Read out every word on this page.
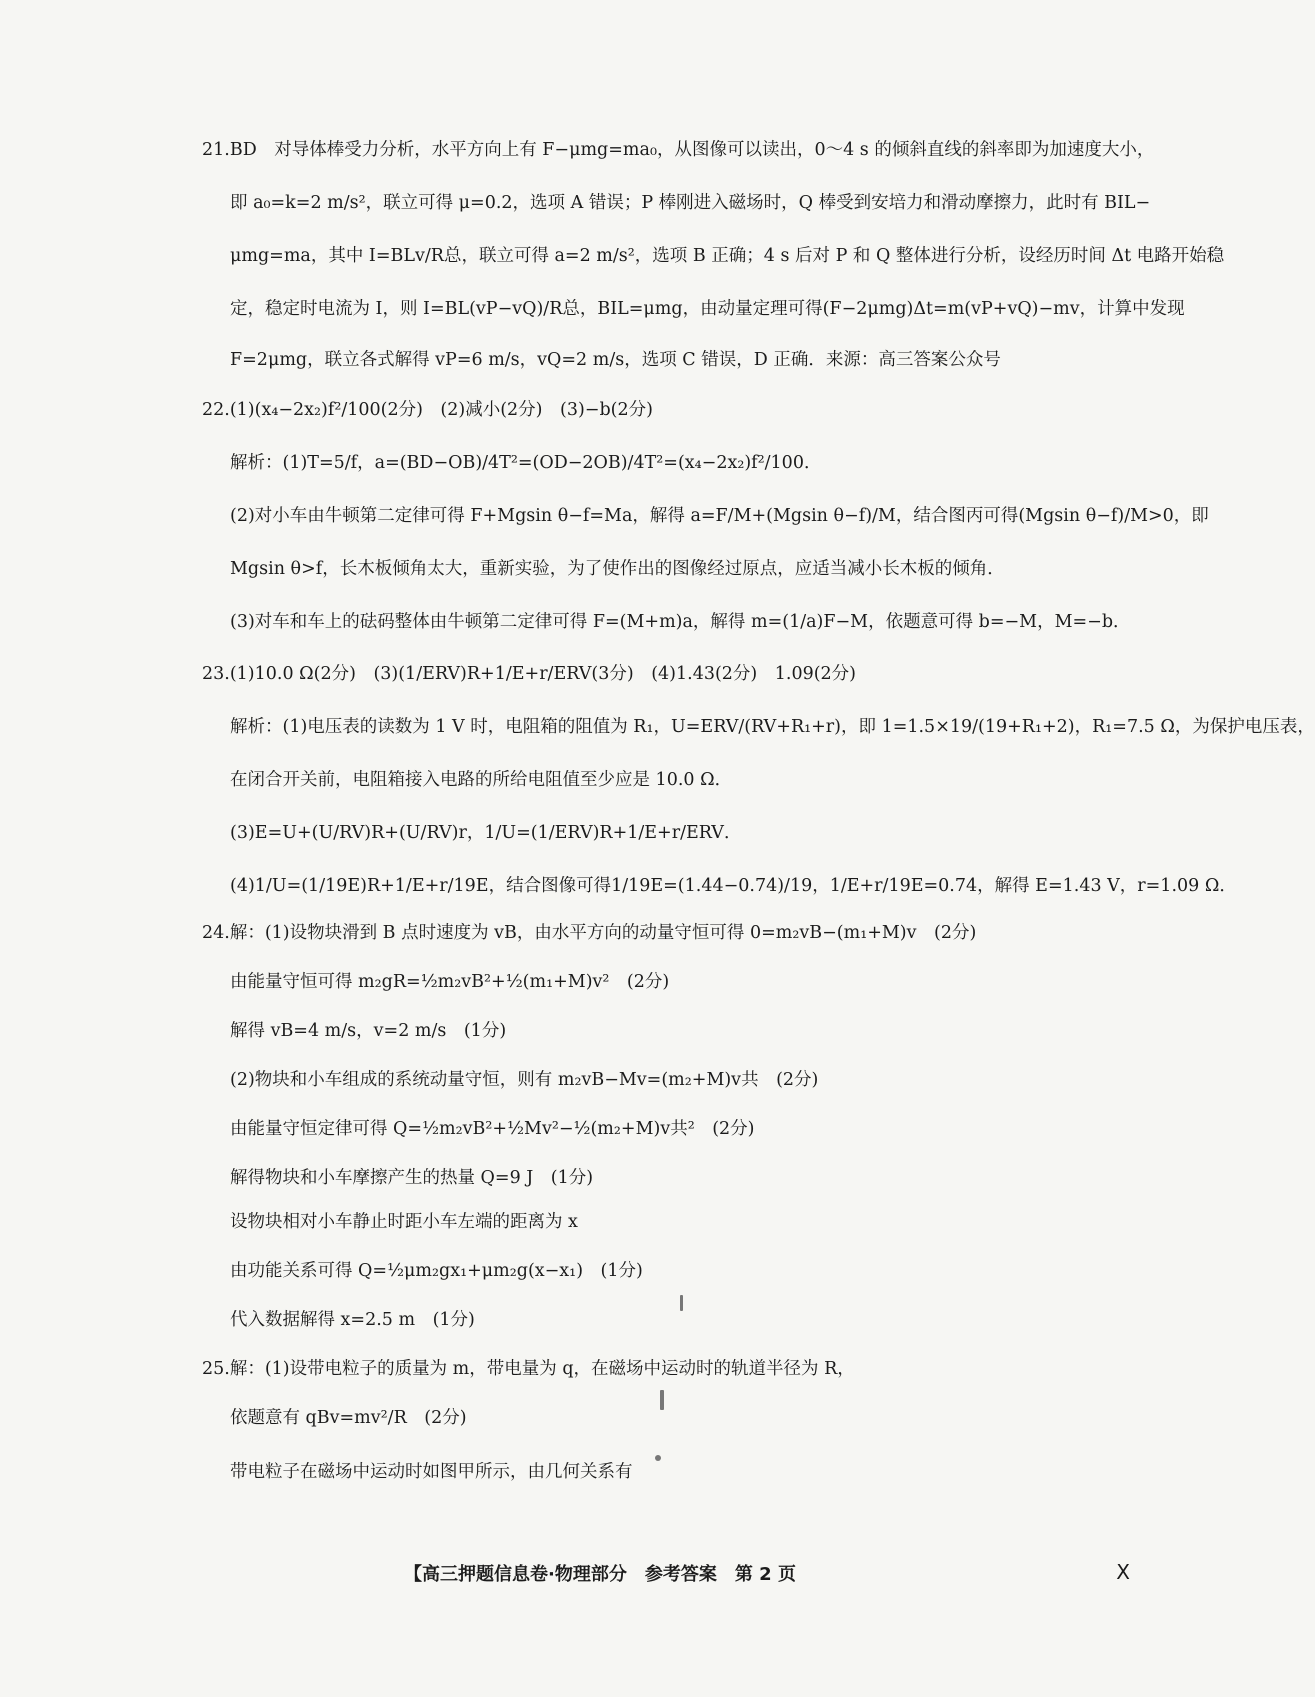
21.BD　对导体棒受力分析，水平方向上有 F−μmg=ma₀，从图像可以读出，0～4 s 的倾斜直线的斜率即为加速度大小，
即 a₀=k=2 m/s²，联立可得 μ=0.2，选项 A 错误；P 棒刚进入磁场时，Q 棒受到安培力和滑动摩擦力，此时有 BIL−
μmg=ma，其中 I=BLv/R总，联立可得 a=2 m/s²，选项 B 正确；4 s 后对 P 和 Q 整体进行分析，设经历时间 Δt 电路开始稳
定，稳定时电流为 I，则 I=BL(vP−vQ)/R总，BIL=μmg，由动量定理可得(F−2μmg)Δt=m(vP+vQ)−mv，计算中发现
F=2μmg，联立各式解得 vP=6 m/s，vQ=2 m/s，选项 C 错误，D 正确．来源：高三答案公众号
22.(1)(x₄−2x₂)f²/100(2分)　(2)减小(2分)　(3)−b(2分)
解析：(1)T=5/f，a=(BD−OB)/4T²=(OD−2OB)/4T²=(x₄−2x₂)f²/100．
(2)对小车由牛顿第二定律可得 F+Mgsin θ−f=Ma，解得 a=F/M+(Mgsin θ−f)/M，结合图丙可得(Mgsin θ−f)/M>0，即
Mgsin θ>f，长木板倾角太大，重新实验，为了使作出的图像经过原点，应适当减小长木板的倾角．
(3)对车和车上的砝码整体由牛顿第二定律可得 F=(M+m)a，解得 m=(1/a)F−M，依题意可得 b=−M，M=−b．
23.(1)10.0 Ω(2分)　(3)(1/ERV)R+1/E+r/ERV(3分)　(4)1.43(2分)　1.09(2分)
解析：(1)电压表的读数为 1 V 时，电阻箱的阻值为 R₁，U=ERV/(RV+R₁+r)，即 1=1.5×19/(19+R₁+2)，R₁=7.5 Ω，为保护电压表，
在闭合开关前，电阻箱接入电路的所给电阻值至少应是 10.0 Ω．
(3)E=U+(U/RV)R+(U/RV)r，1/U=(1/ERV)R+1/E+r/ERV．
(4)1/U=(1/19E)R+1/E+r/19E，结合图像可得1/19E=(1.44−0.74)/19，1/E+r/19E=0.74，解得 E=1.43 V，r=1.09 Ω．
24.解：(1)设物块滑到 B 点时速度为 vB，由水平方向的动量守恒可得 0=m₂vB−(m₁+M)v　(2分)
由能量守恒可得 m₂gR=½m₂vB²+½(m₁+M)v²　(2分)
解得 vB=4 m/s，v=2 m/s　(1分)
(2)物块和小车组成的系统动量守恒，则有 m₂vB−Mv=(m₂+M)v共　(2分)
由能量守恒定律可得 Q=½m₂vB²+½Mv²−½(m₂+M)v共²　(2分)
解得物块和小车摩擦产生的热量 Q=9 J　(1分)
设物块相对小车静止时距小车左端的距离为 x
由功能关系可得 Q=½μm₂gx₁+μm₂g(x−x₁)　(1分)
代入数据解得 x=2.5 m　(1分)
25.解：(1)设带电粒子的质量为 m，带电量为 q，在磁场中运动时的轨道半径为 R，
依题意有 qBv=mv²/R　(2分)
带电粒子在磁场中运动时如图甲所示，由几何关系有
【高三押题信息卷·物理部分　参考答案　第 2 页	X
